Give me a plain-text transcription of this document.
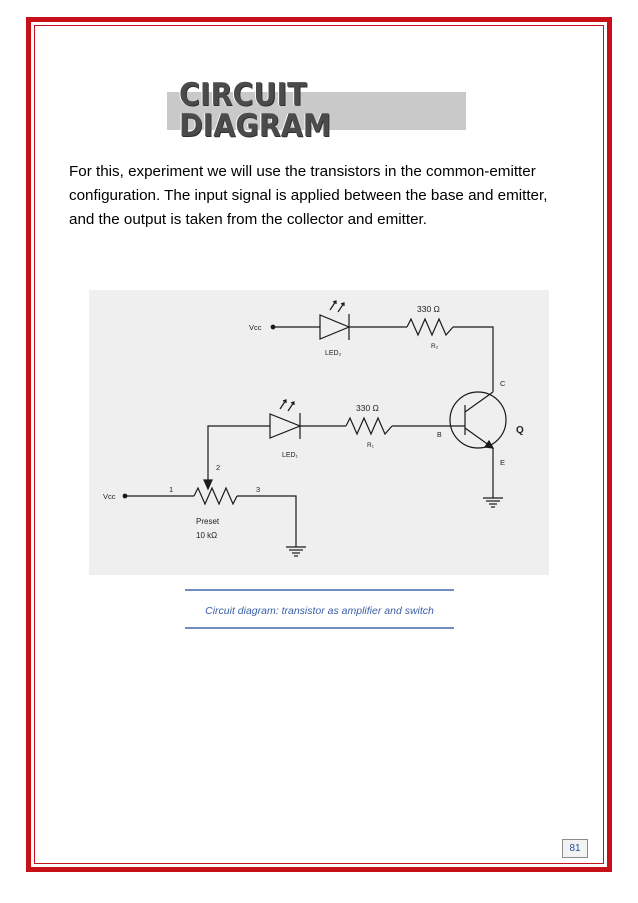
CIRCUIT DIAGRAM
For this, experiment we will use the transistors in the common-emitter configuration. The input signal is applied between the base and emitter, and the output is taken from the collector and emitter.
Vcc
Vcc
330 Ω
R₂
LED₂
330 Ω
R₁
LED₁
C
B
E
Q
1
2
3
Preset
10 kΩ
Circuit diagram: transistor as amplifier and switch
81
